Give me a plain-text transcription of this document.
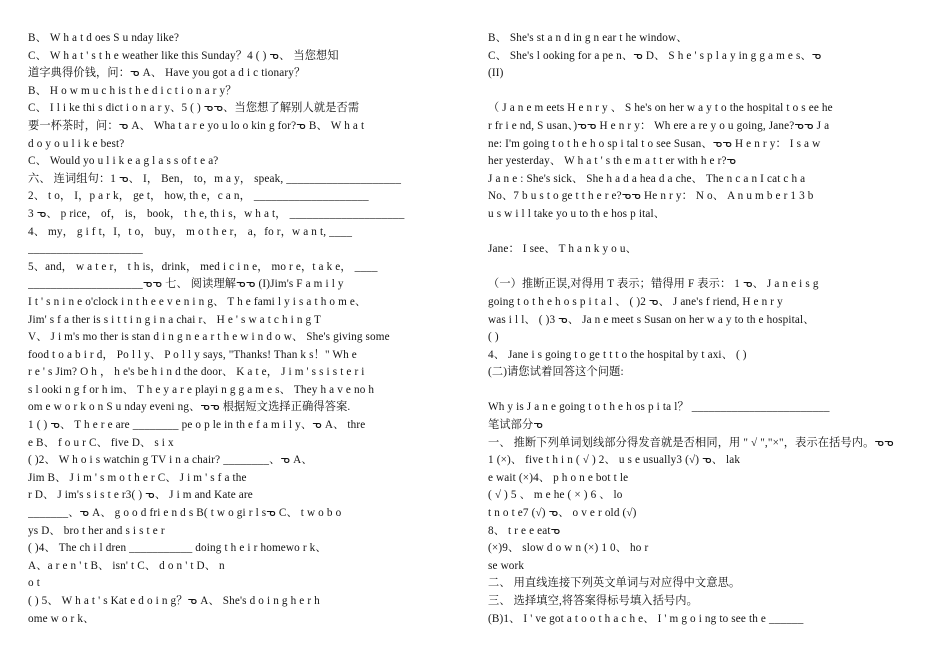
B、 W h a t d oes S u nday like?
C、 W h a t ' s t h e weather like this Sunday？4 ( ) ᓀ、 当您想知
道字典得价钱，问：ᓀ A、 Have you got a d i c tionary？
B、 H o w m u c h is t h e d i c t i o n a r y？
C、 I l i ke thi s dict i o n a r y、5 ( ) ᓀᓀ、当您想了解别人就是否需
要一杯茶时，问：ᓀ A、 Wha t a r e yo u lo o kin g for?ᓀ B、 W h a t
d o y o u l i k e best?
C、 Would yo u l i k e a g l a s s of t e a?
六、 连词组句：1 ᓀ、 I， Ben， to，m a y， speak, ____________________
2、 t o， I，p a r k， ge t， how, th e，c a n， ____________________
3 ᓀ、 p rice， of， is， book， t h e, th i s，w h a t， ____________________
4、 my， g i f t，I，t o， buy， m o t h e r， a，fo r，w a n t, ____
____________________
5、and， w a t e r， t h is，drink， med i c i n e， mo r e，t a k e， ____
____________________ᓀᓀ 七、 阅读理解ᓀᓀ (I)Jim's F a m i l y
I t ' s n i n e o'clock i n t h e e v e n i n g、 T h e fami l y i s a t h o m e、
Jim' s f a ther is s i t t i n g i n a chai r、 H e ' s w a t c h i n g T
V、 J i m's mo ther is stan d i n g n e a r t h e w i n d o w、 She's giving some
food t o a b i r d， Po l l y、 P o l l y says, "Thanks! Than k s！" Wh e
r e ' s Jim? O h ， h e's be h i n d the door、 K a t e， J i m ' s s i s t e r i
s l ooki n g f or h im、 T h e y a r e playi n g g a m e s、 They h a v e no h
om e w o r k o n S u nday eveni ng、ᓀᓀ 根据短文选择正确得答案.
1 ( ) ᓀ、 T h e r e are ________ pe o p le in th e f a m i l y、ᓀ A、 thre
e B、 f o u r C、 five D、 s i x
( )2、 W h o i s watchin g TV i n a chair? ________、ᓀ A、
Jim B、 J i m ' s m o t h e r C、 J i m ' s f a the
r D、 J im's s i s t e r3( ) ᓀ、 J i m and Kate are
_______、ᓀ A、 g o o d fri e n d s B( t w o gi r l sᓀ C、 t w o b o
ys D、 bro t her and s i s t e r
( )4、 The ch i l dren ___________ doing t h e i r homewo r k、
A、a r e n ' t B、 isn' t C、 d o n ' t D、 n
o t
( ) 5、 W h a t ' s Kat e d o i n g？ᓀ A、 She's d o i n g h e r h
ome w o r k、
B、 She's st a n d in g n ear t he window、
C、 She's l ooking for a pe n、ᓀ D、 S h e ' s p l a y in g g a m e s、ᓀ
(II)
（ J a n e m eets H e n r y 、 S he's on her w a y t o the hospital t o s ee he
r fr i e nd, S usan、)ᓀᓀ H e n r y： Wh ere a re y o u going, Jane?ᓀᓀ J a
ne: I'm going t o t h e h o sp i tal t o see Susan、ᓀᓀ H e n r y： I s a w
her yesterday、 W h a t ' s th e m a t t er with h e r?ᓀ
J a n e : She's sick、 She h a d a hea d a che、 The n c a n I cat c h a
No、7 b u s t o ge t t h e r e?ᓀᓀ He n r y： N o、 A n u m b e r 1 3 b
u s w i l l take yo u to th e hos p ital、
Jane： I see、 T h a n k y o u、
（一）推断正误,对得用 T 表示；错得用 F 表示： 1 ᓀ、 J a n e i s g
going t o t h e h o s p i t a l 、 ( )2 ᓀ、 J ane's f riend, H e n r y
was i l l、 ( )3 ᓀ、 Ja n e meet s Susan on her w a y to th e hospital、
( )
4、 Jane i s going t o ge t t t o the hospital by t axi、 ( )
(二)请您试着回答这个问题:
Wh y is J a n e going t o t h e h os p i ta l？ ________________________
笔试部分ᓀ
一、 推断下列单词划线部分得发音就是否相同，用 " √ ","×"，表示在括号内。ᓀᓀ
1 (×)、 five t h i n ( √ ) 2、 u s e usually3 (√) ᓀ、 lak
e wait (×)4、 p h o n e bot t le
( √ ) 5 、 m e he ( × ) 6 、 lo
t n o t e7 (√) ᓀ、 o v e r old (√)
8、 t r e e eatᓀ
(×)9、 slow d o w n (×) 1 0、 ho r
se work
二、 用直线连接下列英文单词与对应得中文意思。
三、 选择填空,将答案得标号填入括号内。
(B)1、 I ' ve got a t o o t h a c h e、 I ' m g o i ng to see th e ______
